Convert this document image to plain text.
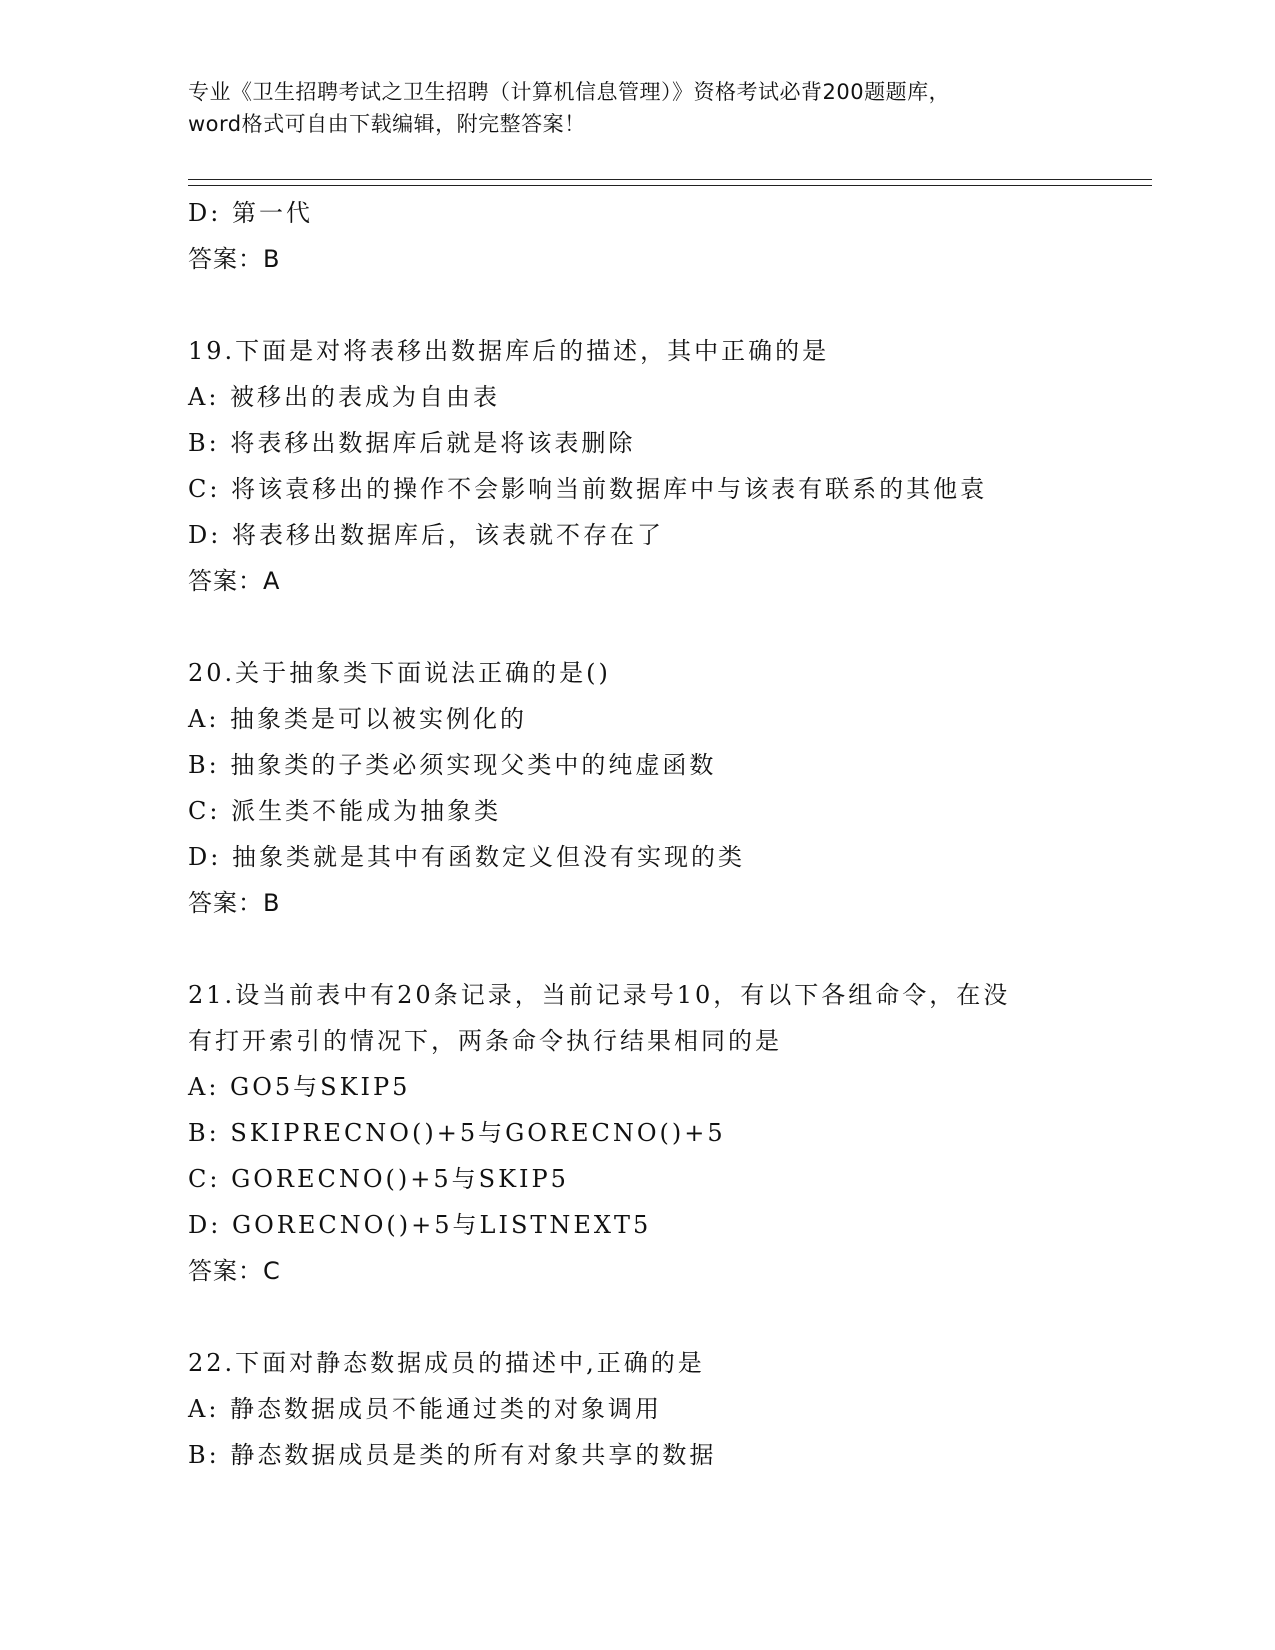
专业《卫生招聘考试之卫生招聘（计算机信息管理）》资格考试必背200题题库，
word格式可自由下载编辑，附完整答案！
D: 第一代
答案：B
19.下面是对将表移出数据库后的描述，其中正确的是
A: 被移出的表成为自由表
B: 将表移出数据库后就是将该表删除
C: 将该袁移出的操作不会影响当前数据库中与该表有联系的其他袁
D: 将表移出数据库后，该表就不存在了
答案：A
20.关于抽象类下面说法正确的是()
A: 抽象类是可以被实例化的
B: 抽象类的子类必须实现父类中的纯虚函数
C: 派生类不能成为抽象类
D: 抽象类就是其中有函数定义但没有实现的类
答案：B
21.设当前表中有20条记录，当前记录号10，有以下各组命令，在没
有打开索引的情况下，两条命令执行结果相同的是
A: GO5与SKIP5
B: SKIPRECNO()+5与GORECNO()+5
C: GORECNO()+5与SKIP5
D: GORECNO()+5与LISTNEXT5
答案：C
22.下面对静态数据成员的描述中,正确的是
A: 静态数据成员不能通过类的对象调用
B: 静态数据成员是类的所有对象共享的数据
